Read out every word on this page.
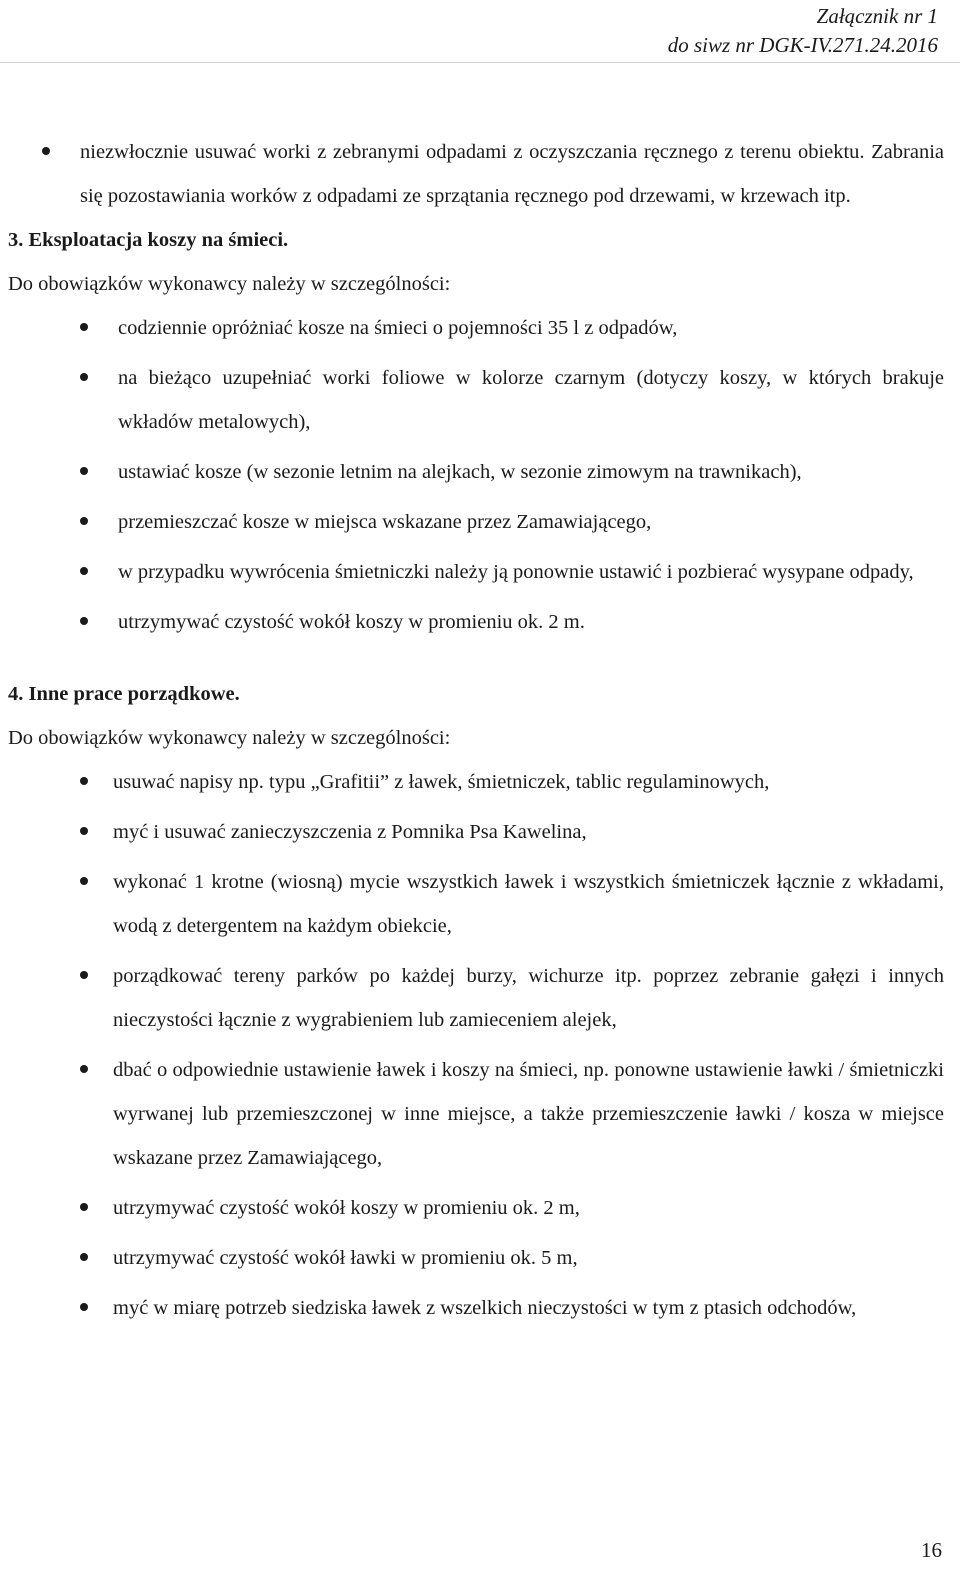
Załącznik nr 1
do siwz nr DGK-IV.271.24.2016
niezwłocznie usuwać worki z zebranymi odpadami z oczyszczania ręcznego z terenu obiektu. Zabrania się pozostawiania worków z odpadami ze sprzątania ręcznego pod drzewami, w krzewach itp.
3. Eksploatacja koszy na śmieci.
Do obowiązków wykonawcy należy w szczególności:
codziennie opróżniać kosze na śmieci o pojemności 35 l z odpadów,
na bieżąco uzupełniać worki foliowe w kolorze czarnym (dotyczy koszy, w których brakuje wkładów metalowych),
ustawiać kosze (w sezonie letnim na alejkach, w sezonie zimowym na trawnikach),
przemieszczać kosze w miejsca wskazane przez Zamawiającego,
w przypadku wywrócenia śmietniczki należy ją ponownie ustawić i pozbierać wysypane odpady,
utrzymywać czystość wokół koszy w promieniu ok. 2 m.
4. Inne prace porządkowe.
Do obowiązków wykonawcy należy w szczególności:
usuwać napisy np. typu „Grafitii” z ławek, śmietniczek, tablic regulaminowych,
myć i usuwać zanieczyszczenia z Pomnika Psa Kawelina,
wykonać 1 krotne (wiosną) mycie wszystkich ławek i wszystkich śmietniczek łącznie z wkładami, wodą z detergentem na każdym obiekcie,
porządkować tereny parków po każdej burzy, wichurze itp. poprzez zebranie gałęzi i innych nieczystości łącznie z wygrabieniem lub zamieceniem alejek,
dbać o odpowiednie ustawienie ławek i koszy na śmieci, np. ponowne ustawienie ławki / śmietniczki wyrwanej lub przemieszczonej w inne miejsce, a także przemieszczenie ławki / kosza w miejsce wskazane przez Zamawiającego,
utrzymywać czystość wokół koszy w promieniu ok. 2 m,
utrzymywać czystość wokół ławki w promieniu ok. 5 m,
myć w miarę potrzeb siedziska ławek z wszelkich nieczystości w tym z ptasich odchodów,
16
